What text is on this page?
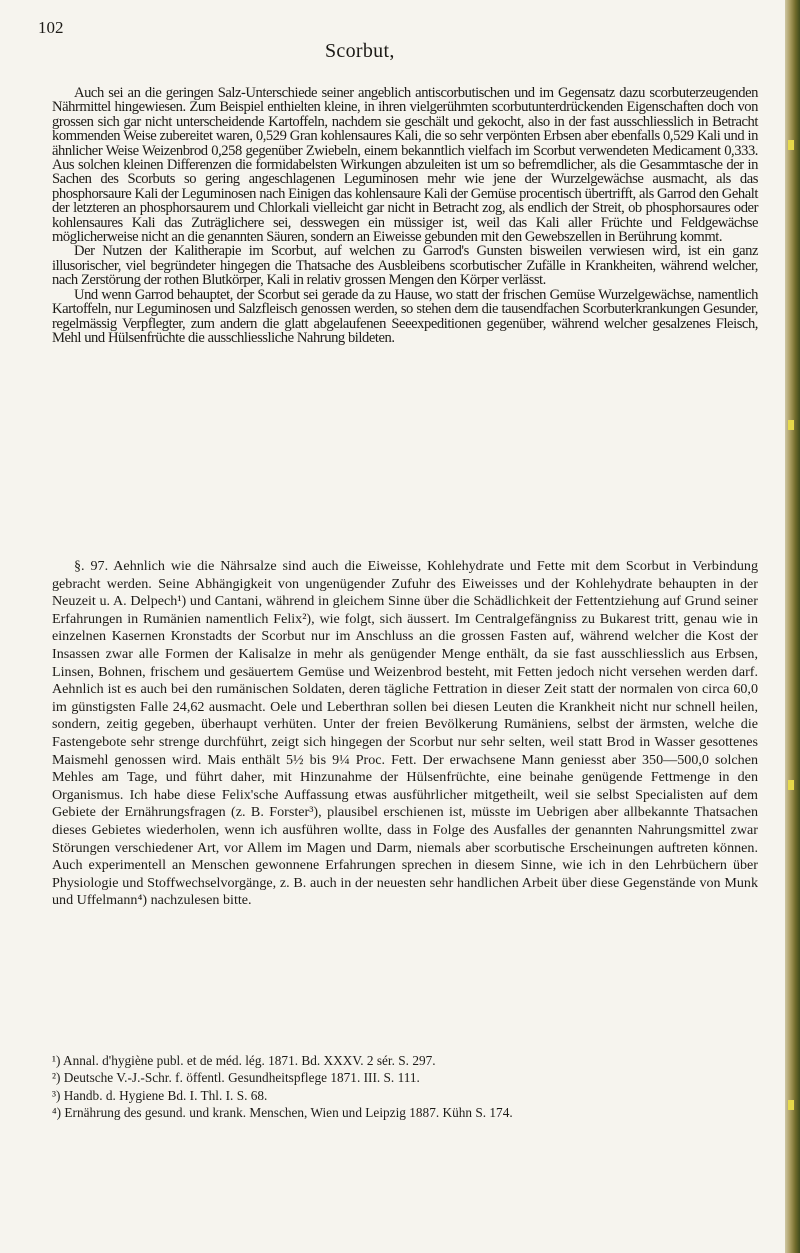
102
Scorbut,

Auch sei an die geringen Salz-Unterschiede seiner angeblich antiscorbutischen und im Gegensatz dazu scorbuterzeugenden Nährmittel hingewiesen. Zum Beispiel enthielten kleine, in ihren vielgerühmten scorbutunterdrückenden Eigenschaften doch von grossen sich gar nicht unterscheidende Kartoffeln, nachdem sie geschält und gekocht, also in der fast ausschliesslich in Betracht kommenden Weise zubereitet waren, 0,529 Gran kohlensaures Kali, die so sehr verpönten Erbsen aber ebenfalls 0,529 Kali und in ähnlicher Weise Weizenbrod 0,258 gegenüber Zwiebeln, einem bekanntlich vielfach im Scorbut verwendeten Medicament 0,333. Aus solchen kleinen Differenzen die formidabelsten Wirkungen abzuleiten ist um so befremdlicher, als die Gesammtasche der in Sachen des Scorbuts so gering angeschlagenen Leguminosen mehr wie jene der Wurzelgewächse ausmacht, als das phosphorsaure Kali der Leguminosen nach Einigen das kohlensaure Kali der Gemüse procentisch übertrifft, als Garrod den Gehalt der letzteren an phosphorsaurem und Chlorkali vielleicht gar nicht in Betracht zog, als endlich der Streit, ob phosphorsaures oder kohlensaures Kali das Zuträglichere sei, desswegen ein müssiger ist, weil das Kali aller Früchte und Feldgewächse möglicherweise nicht an die genannten Säuren, sondern an Eiweisse gebunden mit den Gewebszellen in Berührung kommt.

Der Nutzen der Kalitherapie im Scorbut, auf welchen zu Garrod's Gunsten bisweilen verwiesen wird, ist ein ganz illusorischer, viel begründeter hingegen die Thatsache des Ausbleibens scorbutischer Zufälle in Krankheiten, während welcher, nach Zerstörung der rothen Blutkörper, Kali in relativ grossen Mengen den Körper verlässt.

Und wenn Garrod behauptet, der Scorbut sei gerade da zu Hause, wo statt der frischen Gemüse Wurzelgewächse, namentlich Kartoffeln, nur Leguminosen und Salzfleisch genossen werden, so stehen dem die tausendfachen Scorbuterkrankungen Gesunder, regelmässig Verpflegter, zum andern die glatt abgelaufenen Seeexpeditionen gegenüber, während welcher gesalzenes Fleisch, Mehl und Hülsenfrüchte die ausschliessliche Nahrung bildeten.

§. 97. Aehnlich wie die Nährsalze sind auch die Eiweisse, Kohlehydrate und Fette mit dem Scorbut in Verbindung gebracht werden. Seine Abhängigkeit von ungenügender Zufuhr des Eiweisses und der Kohlehydrate behaupten in der Neuzeit u. A. Delpech¹) und Cantani, während in gleichem Sinne über die Schädlichkeit der Fettentziehung auf Grund seiner Erfahrungen in Rumänien namentlich Felix²), wie folgt, sich äussert. Im Centralgefängniss zu Bukarest tritt, genau wie in einzelnen Kasernen Kronstadts der Scorbut nur im Anschluss an die grossen Fasten auf, während welcher die Kost der Insassen zwar alle Formen der Kalisalze in mehr als genügender Menge enthält, da sie fast ausschliesslich aus Erbsen, Linsen, Bohnen, frischem und gesäuertem Gemüse und Weizenbrod besteht, mit Fetten jedoch nicht versehen werden darf. Aehnlich ist es auch bei den rumänischen Soldaten, deren tägliche Fettration in dieser Zeit statt der normalen von circa 60,0 im günstigsten Falle 24,62 ausmacht. Oele und Leberthran sollen bei diesen Leuten die Krankheit nicht nur schnell heilen, sondern, zeitig gegeben, überhaupt verhüten. Unter der freien Bevölkerung Rumäniens, selbst der ärmsten, welche die Fastengebote sehr strenge durchführt, zeigt sich hingegen der Scorbut nur sehr selten, weil statt Brod in Wasser gesottenes Maismehl genossen wird. Mais enthält 5½ bis 9¼ Proc. Fett. Der erwachsene Mann geniesst aber 350—500,0 solchen Mehles am Tage, und führt daher, mit Hinzunahme der Hülsenfrüchte, eine beinahe genügende Fettmenge in den Organismus. Ich habe diese Felix'sche Auffassung etwas ausführlicher mitgetheilt, weil sie selbst Specialisten auf dem Gebiete der Ernährungsfragen (z. B. Forster³), plausibel erschienen ist, müsste im Uebrigen aber allbekannte Thatsachen dieses Gebietes wiederholen, wenn ich ausführen wollte, dass in Folge des Ausfalles der genannten Nahrungsmittel zwar Störungen verschiedener Art, vor Allem im Magen und Darm, niemals aber scorbutische Erscheinungen auftreten können. Auch experimentell an Menschen gewonnene Erfahrungen sprechen in diesem Sinne, wie ich in den Lehrbüchern über Physiologie und Stoffwechselvorgänge, z. B. auch in der neuesten sehr handlichen Arbeit über diese Gegenstände von Munk und Uffelmann⁴) nachzulesen bitte.

¹) Annal. d'hygiène publ. et de méd. lég. 1871. Bd. XXXV. 2 sér. S. 297.
²) Deutsche V.-J.-Schr. f. öffentl. Gesundheitspflege 1871. III. S. 111.
³) Handb. d. Hygiene Bd. I. Thl. I. S. 68.
⁴) Ernährung des gesund. und krank. Menschen, Wien und Leipzig 1887. Kühn S. 174.
